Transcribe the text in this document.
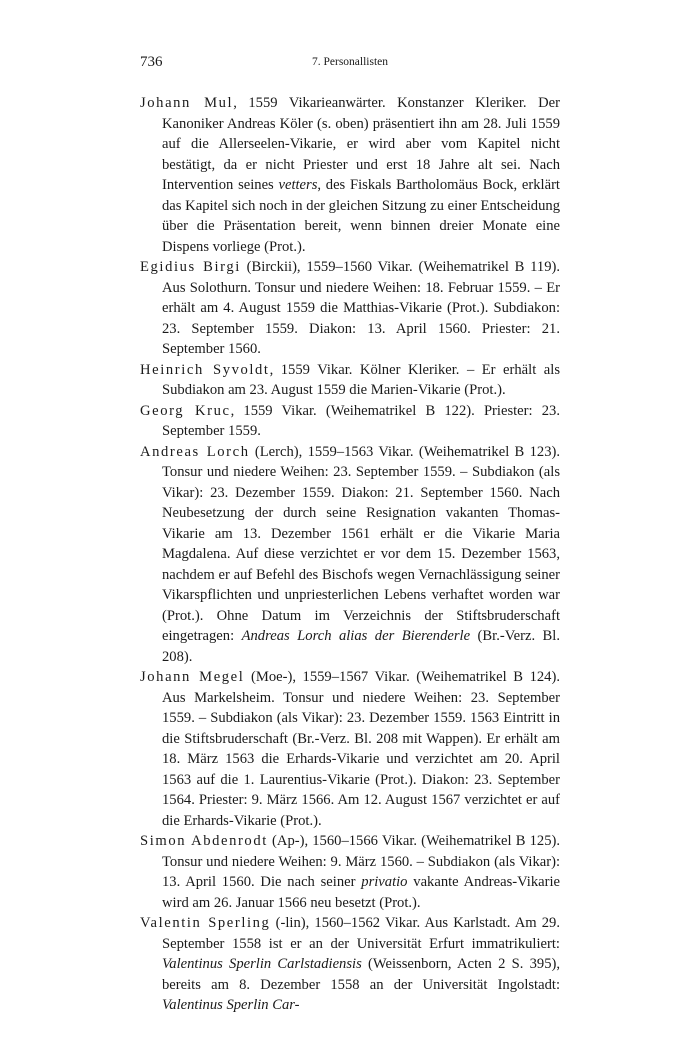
736	7. Personallisten

Johann Mul, 1559 Vikarieanwärter. Konstanzer Kleriker. Der Kanoniker Andreas Köler (s. oben) präsentiert ihn am 28. Juli 1559 auf die Allerseelen-Vikarie, er wird aber vom Kapitel nicht bestätigt, da er nicht Priester und erst 18 Jahre alt sei. Nach Intervention seines vetters, des Fiskals Bartholomäus Bock, erklärt das Kapitel sich noch in der gleichen Sitzung zu einer Entscheidung über die Präsentation bereit, wenn binnen dreier Monate eine Dispens vorliege (Prot.).

Egidius Birgi (Birckii), 1559–1560 Vikar. (Weihematrikel B 119). Aus Solothurn. Tonsur und niedere Weihen: 18. Februar 1559. – Er erhält am 4. August 1559 die Matthias-Vikarie (Prot.). Subdiakon: 23. September 1559. Diakon: 13. April 1560. Priester: 21. September 1560.

Heinrich Syvoldt, 1559 Vikar. Kölner Kleriker. – Er erhält als Subdiakon am 23. August 1559 die Marien-Vikarie (Prot.).

Georg Kruc, 1559 Vikar. (Weihematrikel B 122). Priester: 23. September 1559.

Andreas Lorch (Lerch), 1559–1563 Vikar. (Weihematrikel B 123). Tonsur und niedere Weihen: 23. September 1559. – Subdiakon (als Vikar): 23. Dezember 1559. Diakon: 21. September 1560. Nach Neubesetzung der durch seine Resignation vakanten Thomas-Vikarie am 13. Dezember 1561 erhält er die Vikarie Maria Magdalena. Auf diese verzichtet er vor dem 15. Dezember 1563, nachdem er auf Befehl des Bischofs wegen Vernachlässigung seiner Vikarspflichten und unpriesterlichen Lebens verhaftet worden war (Prot.). Ohne Datum im Verzeichnis der Stiftsbruderschaft eingetragen: Andreas Lorch alias der Bierenderle (Br.-Verz. Bl. 208).

Johann Megel (Moe-), 1559–1567 Vikar. (Weihematrikel B 124). Aus Markelsheim. Tonsur und niedere Weihen: 23. September 1559. – Subdiakon (als Vikar): 23. Dezember 1559. 1563 Eintritt in die Stiftsbruderschaft (Br.-Verz. Bl. 208 mit Wappen). Er erhält am 18. März 1563 die Erhards-Vikarie und verzichtet am 20. April 1563 auf die 1. Laurentius-Vikarie (Prot.). Diakon: 23. September 1564. Priester: 9. März 1566. Am 12. August 1567 verzichtet er auf die Erhards-Vikarie (Prot.).

Simon Abdenrodt (Ap-), 1560–1566 Vikar. (Weihematrikel B 125). Tonsur und niedere Weihen: 9. März 1560. – Subdiakon (als Vikar): 13. April 1560. Die nach seiner privatio vakante Andreas-Vikarie wird am 26. Januar 1566 neu besetzt (Prot.).

Valentin Sperling (-lin), 1560–1562 Vikar. Aus Karlstadt. Am 29. September 1558 ist er an der Universität Erfurt immatrikuliert: Valentinus Sperlin Carlstadiensis (Weissenborn, Acten 2 S. 395), bereits am 8. Dezember 1558 an der Universität Ingolstadt: Valentinus Sperlin Car-
